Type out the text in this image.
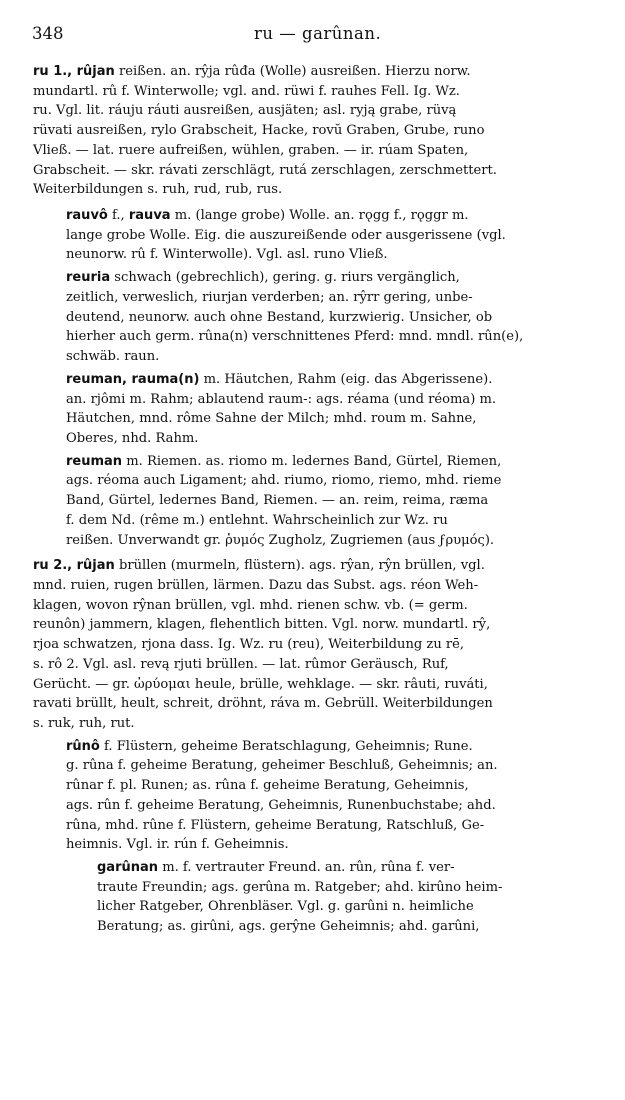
348	ru — garûnan.
ru 1., rûjan reißen. an. rŷja rûđa (Wolle) ausreißen. Hierzu norw.
mundartl. rû f. Winterwolle; vgl. and. rüwi f. rauhes Fell. Ig. Wz.
ru. Vgl. lit. ráuju ráuti ausreißen, ausjäten; asl. ryją grabe, rüvą
rüvati ausreißen, rylo Grabscheit, Hacke, rovŭ Graben, Grube, runo
Vließ. — lat. ruere aufreißen, wühlen, graben. — ir. rúam Spaten,
Grabscheit. — skr. rávati zerschlägt, rutá zerschlagen, zerschmettert.
Weiterbildungen s. ruh, rud, rub, rus.
rauvô f., rauva m. (lange grobe) Wolle. an. rǫgg f., rǫggr m.
lange grobe Wolle. Eig. die auszureißende oder ausgerissene (vgl.
neunorw. rû f. Winterwolle). Vgl. asl. runo Vließ.
reuria schwach (gebrechlich), gering. g. riurs vergänglich,
zeitlich, verweslich, riurjan verderben; an. rŷrr gering, unbe-
deutend, neunorw. auch ohne Bestand, kurzwierig. Unsicher, ob
hierher auch germ. rûna(n) verschnittenes Pferd: mnd. mndl. rûn(e),
schwäb. raun.
reuman, rauma(n) m. Häutchen, Rahm (eig. das Abgerissene).
an. rjômi m. Rahm; ablautend raum-: ags. réama (und réoma) m.
Häutchen, mnd. rôme Sahne der Milch; mhd. roum m. Sahne,
Oberes, nhd. Rahm.
reuman m. Riemen. as. riomo m. ledernes Band, Gürtel, Riemen,
ags. réoma auch Ligament; ahd. riumo, riomo, riemo, mhd. rieme
Band, Gürtel, ledernes Band, Riemen. — an. reim, reima, ræma
f. dem Nd. (rême m.) entlehnt. Wahrscheinlich zur Wz. ru
reißen. Unverwandt gr. ῥυμός Zugholz, Zugriemen (aus ϝρυμός).
ru 2., rûjan brüllen (murmeln, flüstern). ags. rŷan, rŷn brüllen, vgl.
mnd. ruien, rugen brüllen, lärmen. Dazu das Subst. ags. réon Weh-
klagen, wovon rŷnan brüllen, vgl. mhd. rienen schw. vb. (= germ.
reunôn) jammern, klagen, flehentlich bitten. Vgl. norw. mundartl. rŷ,
rjoa schwatzen, rjona dass. Ig. Wz. ru (reu), Weiterbildung zu rē,
s. rô 2. Vgl. asl. revą rjuti brüllen. — lat. rûmor Geräusch, Ruf,
Gerücht. — gr. ὠρύομαι heule, brülle, wehklage. — skr. râuti, ruváti,
ravati brüllt, heult, schreit, dröhnt, ráva m. Gebrüll. Weiterbildungen
s. ruk, ruh, rut.
rûnô f. Flüstern, geheime Beratschlagung, Geheimnis; Rune.
g. rûna f. geheime Beratung, geheimer Beschluß, Geheimnis; an.
rûnar f. pl. Runen; as. rûna f. geheime Beratung, Geheimnis,
ags. rûn f. geheime Beratung, Geheimnis, Runenbuchstabe; ahd.
rûna, mhd. rûne f. Flüstern, geheime Beratung, Ratschluß, Ge-
heimnis. Vgl. ir. rún f. Geheimnis.
garûnan m. f. vertrauter Freund. an. rûn, rûna f. ver-
traute Freundin; ags. gerûna m. Ratgeber; ahd. kirûno heim-
licher Ratgeber, Ohrenbläser. Vgl. g. garûni n. heimliche
Beratung; as. girûni, ags. gerŷne Geheimnis; ahd. garûni,
